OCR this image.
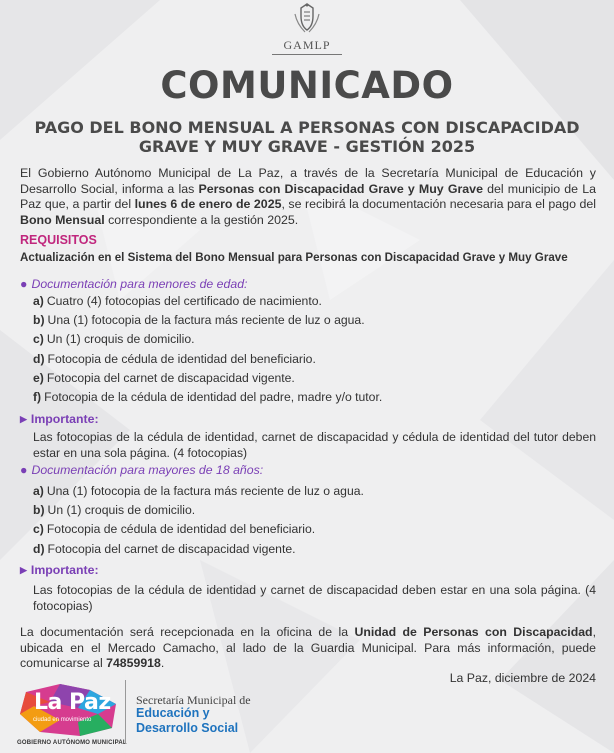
GAMLP
COMUNICADO
PAGO DEL BONO MENSUAL A PERSONAS CON DISCAPACIDAD GRAVE Y MUY GRAVE - GESTIÓN 2025
El Gobierno Autónomo Municipal de La Paz, a través de la Secretaría Municipal de Educación y Desarrollo Social, informa a las Personas con Discapacidad Grave y Muy Grave del municipio de La Paz que, a partir del lunes 6 de enero de 2025, se recibirá la documentación necesaria para el pago del Bono Mensual correspondiente a la gestión 2025.
REQUISITOS
Actualización en el Sistema del Bono Mensual para Personas con Discapacidad Grave y Muy Grave
● Documentación para menores de edad:
a) Cuatro (4) fotocopias del certificado de nacimiento.
b) Una (1) fotocopia de la factura más reciente de luz o agua.
c) Un (1) croquis de domicilio.
d) Fotocopia de cédula de identidad del beneficiario.
e) Fotocopia del carnet de discapacidad vigente.
f) Fotocopia de la cédula de identidad del padre, madre y/o tutor.
▶ Importante:
Las fotocopias de la cédula de identidad, carnet de discapacidad y cédula de identidad del tutor deben estar en una sola página. (4 fotocopias)
● Documentación para mayores de 18 años:
a) Una (1) fotocopia de la factura más reciente de luz o agua.
b) Un (1) croquis de domicilio.
c) Fotocopia de cédula de identidad del beneficiario.
d) Fotocopia del carnet de discapacidad vigente.
▶ Importante:
Las fotocopias de la cédula de identidad y carnet de discapacidad deben estar en una sola página. (4 fotocopias)
La documentación será recepcionada en la oficina de la Unidad de Personas con Discapacidad, ubicada en el Mercado Camacho, al lado de la Guardia Municipal. Para más información, puede comunicarse al 74859918.
La Paz, diciembre de 2024
La Paz
ciudad en movimiento
GOBIERNO AUTÓNOMO MUNICIPAL
Secretaría Municipal de
Educación y
Desarrollo Social
